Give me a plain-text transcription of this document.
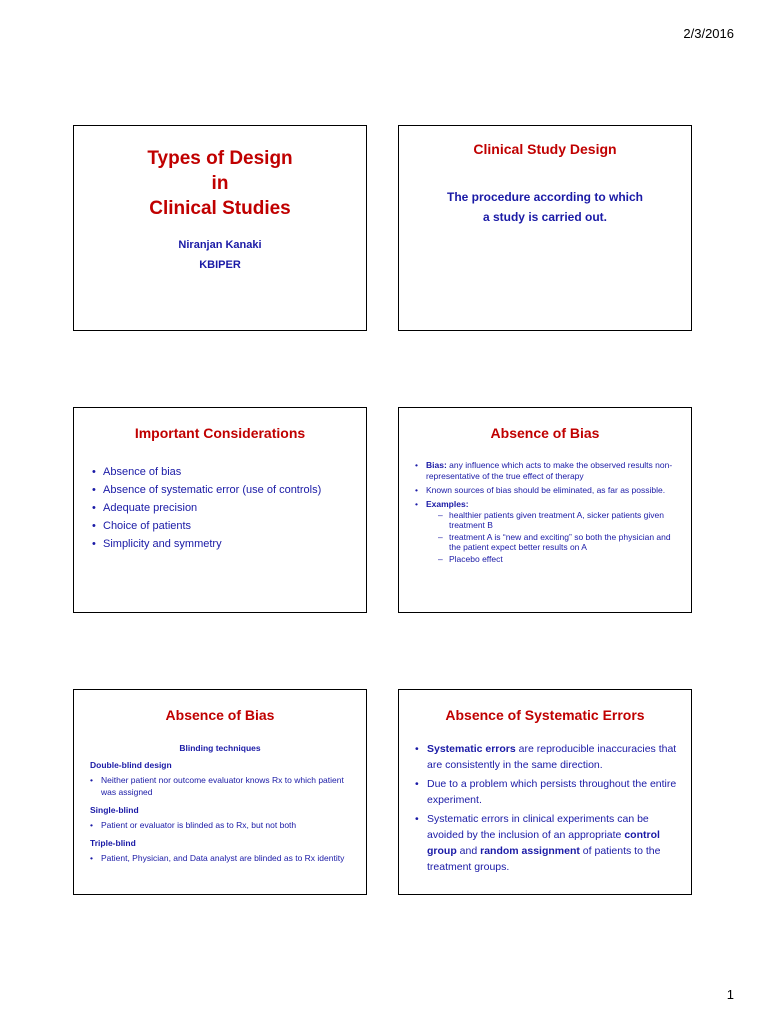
2/3/2016
Types of Design
in
Clinical Studies
Niranjan Kanaki
KBIPER
Clinical Study Design
The procedure according to which
a study is carried out.
Important Considerations
• Absence of bias
• Absence of systematic error (use of controls)
• Adequate precision
• Choice of patients
• Simplicity and symmetry
Absence of Bias
• Bias: any influence which acts to make the observed results non-representative of the true effect of therapy
• Known sources of bias should be eliminated, as far as possible.
• Examples:
– healthier patients given treatment A, sicker patients given treatment B
– treatment A is “new and exciting” so both the physician and the patient expect better results on A
– Placebo effect
Absence of Bias
Blinding techniques
Double-blind design
• Neither patient nor outcome evaluator knows Rx to which patient was assigned
Single-blind
• Patient or evaluator is blinded as to Rx, but not both
Triple-blind
• Patient, Physician, and Data analyst are blinded as to Rx identity
Absence of Systematic Errors
• Systematic errors are reproducible inaccuracies that are consistently in the same direction.
• Due to a problem which persists throughout the entire experiment.
• Systematic errors in clinical experiments can be avoided by the inclusion of an appropriate control group and random assignment of patients to the treatment groups.
1
